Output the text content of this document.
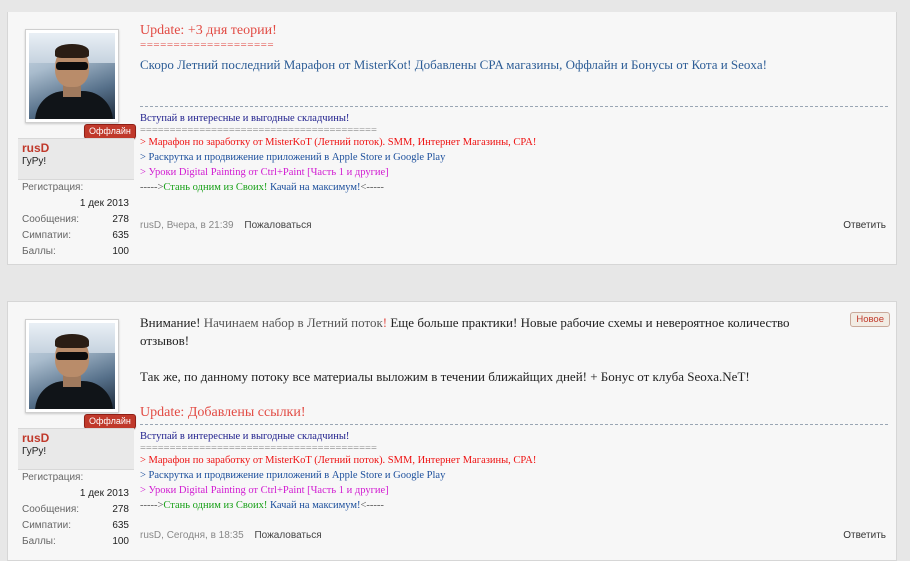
Оффлайн
rusD
ГуРу!
Регистрация:
1 дек 2013
Сообщения:	278
Симпатии:	635
Баллы:	100
Update: +3 дня теории!
====================
Скоро Летний последний Марафон от MisterKot! Добавлены CPA магазины, Оффлайн и Бонусы от Кота и Seoxa!
Вступай в интересные и выгодные складчины!
========================================
> Марафон по заработку от MisterKoT (Летний поток). SMM, Интернет Магазины, CPA!
> Раскрутка и продвижение приложений в Apple Store и Google Play
> Уроки Digital Painting от Ctrl+Paint [Часть 1 и другие]
----->Стань одним из Своих! Качай на максимум!<-----
rusD, Вчера, в 21:39 Пожаловаться	Ответить
Новое
Оффлайн
rusD
ГуРу!
Регистрация:
1 дек 2013
Сообщения:	278
Симпатии:	635
Баллы:	100
Внимание! Начинаем набор в Летний поток! Еще больше практики! Новые рабочие схемы и невероятное количество отзывов!
Так же, по данному потоку все материалы выложим в течении ближайщих дней! + Бонус от клуба Seoxa.NeT!
Update: Добавлены ссылки!
Вступай в интересные и выгодные складчины!
========================================
> Марафон по заработку от MisterKoT (Летний поток). SMM, Интернет Магазины, CPA!
> Раскрутка и продвижение приложений в Apple Store и Google Play
> Уроки Digital Painting от Ctrl+Paint [Часть 1 и другие]
----->Стань одним из Своих! Качай на максимум!<-----
rusD, Сегодня, в 18:35 Пожаловаться	Ответить
